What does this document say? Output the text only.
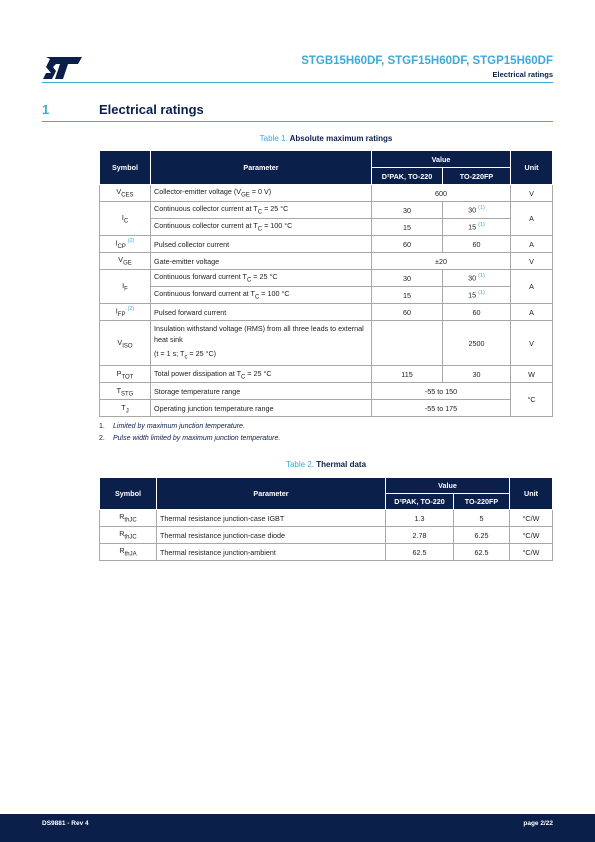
STGB15H60DF, STGF15H60DF, STGP15H60DF
Electrical ratings
1	Electrical ratings
Table 1. Absolute maximum ratings
Symbol	Parameter	Value		Unit
		D²PAK, TO-220	TO-220FP	
$V_{CES}$	Collector-emitter voltage ($V_{GE} = 0$ V)	600		V
$I_C$	Continuous collector current at $T_C = 25$ °C	30	30 $^{(1)}$	A
	Continuous collector current at $T_C = 100$ °C	15	15 $^{(1)}$
$I_{CP}$ $^{(2)}$	Pulsed collector current	60	60	A
$V_{GE}$	Gate-emitter voltage	±20		V
$I_F$	Continuous forward current $T_C = 25$ °C	30	30 $^{(1)}$	A
	Continuous forward current at $T_C = 100$ °C	15	15 $^{(1)}$
$I_{FP}$ $^{(2)}$	Pulsed forward current	60	60	A
$V_{ISO}$	Insulation withstand voltage (RMS) from all three leads to external heat sink
(t = 1 s; $T_c = 25$ °C)		2500	V
$P_{TOT}$	Total power dissipation at $T_C = 25$ °C	115	30	W
$T_{STG}$	Storage temperature range	-55 to 150		°C
$T_J$	Operating junction temperature range	-55 to 175		
1. Limited by maximum junction temperature.
2. Pulse width limited by maximum junction temperature.
Table 2. Thermal data
Symbol	Parameter	Value		Unit
		D²PAK, TO-220	TO-220FP	
$R_{thJC}$	Thermal resistance junction-case IGBT	1.3	5	°C/W
$R_{thJC}$	Thermal resistance junction-case diode	2.78	6.25	°C/W
$R_{thJA}$	Thermal resistance junction-ambient	62.5	62.5	°C/W
DS9881 - Rev 4	page 2/22
